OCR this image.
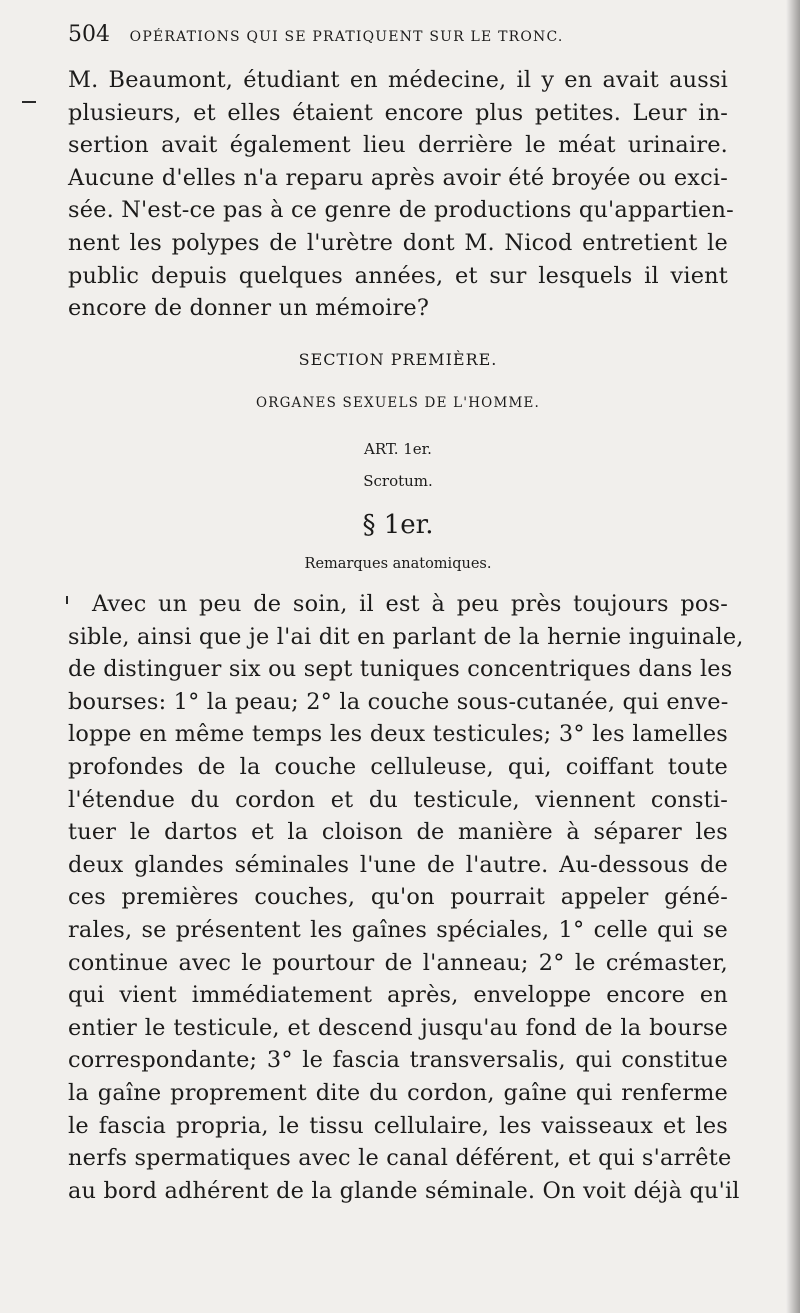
504 OPÉRATIONS QUI SE PRATIQUENT SUR LE TRONC.
M. Beaumont, étudiant en médecine, il y en avait aussi
plusieurs, et elles étaient encore plus petites. Leur in-
sertion avait également lieu derrière le méat urinaire.
Aucune d'elles n'a reparu après avoir été broyée ou exci-
sée. N'est-ce pas à ce genre de productions qu'appartien-
nent les polypes de l'urètre dont M. Nicod entretient le
public depuis quelques années, et sur lesquels il vient
encore de donner un mémoire?
SECTION PREMIÈRE.
ORGANES SEXUELS DE L'HOMME.
ART. 1er.
Scrotum.
§ 1er.
Remarques anatomiques.
Avec un peu de soin, il est à peu près toujours pos-
sible, ainsi que je l'ai dit en parlant de la hernie inguinale,
de distinguer six ou sept tuniques concentriques dans les
bourses: 1° la peau; 2° la couche sous-cutanée, qui enve-
loppe en même temps les deux testicules; 3° les lamelles
profondes de la couche celluleuse, qui, coiffant toute
l'étendue du cordon et du testicule, viennent consti-
tuer le dartos et la cloison de manière à séparer les
deux glandes séminales l'une de l'autre. Au-dessous de
ces premières couches, qu'on pourrait appeler géné-
rales, se présentent les gaînes spéciales, 1° celle qui se
continue avec le pourtour de l'anneau; 2° le crémaster,
qui vient immédiatement après, enveloppe encore en
entier le testicule, et descend jusqu'au fond de la bourse
correspondante; 3° le fascia transversalis, qui constitue
la gaîne proprement dite du cordon, gaîne qui renferme
le fascia propria, le tissu cellulaire, les vaisseaux et les
nerfs spermatiques avec le canal déférent, et qui s'arrête
au bord adhérent de la glande séminale. On voit déjà qu'il
